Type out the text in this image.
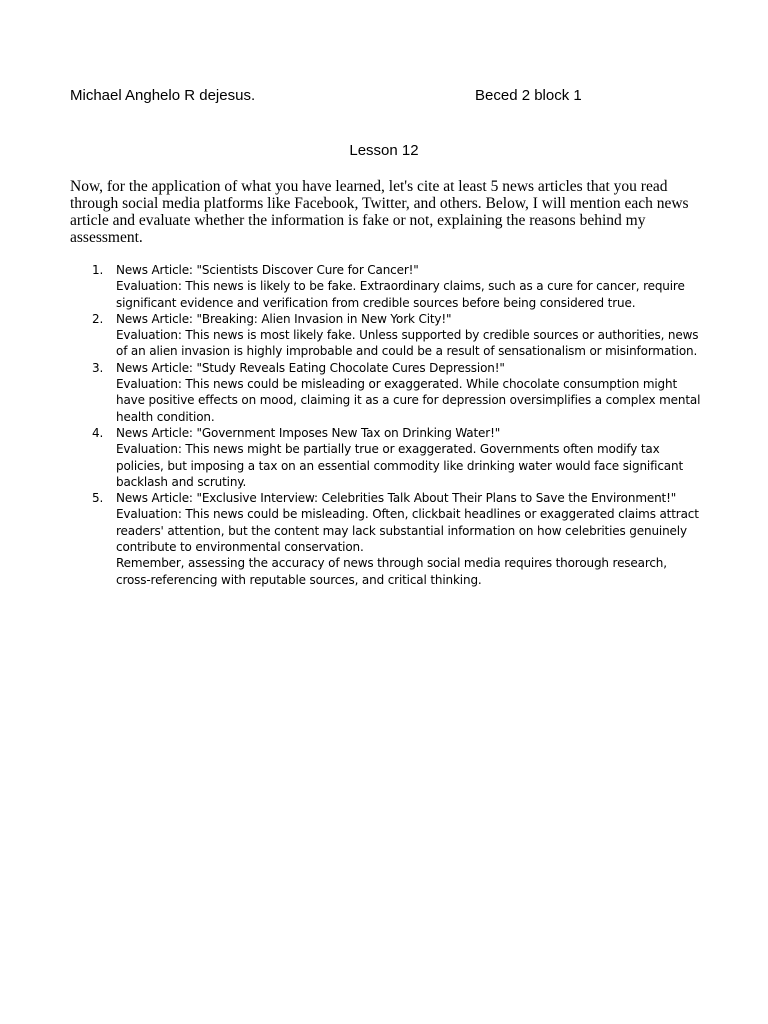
Michael Anghelo R dejesus.	Beced 2 block 1
Lesson 12

Now, for the application of what you have learned, let's cite at least 5 news articles that you read through social media platforms like Facebook, Twitter, and others. Below, I will mention each news article and evaluate whether the information is fake or not, explaining the reasons behind my assessment.

1. News Article: "Scientists Discover Cure for Cancer!"
Evaluation: This news is likely to be fake. Extraordinary claims, such as a cure for cancer, require significant evidence and verification from credible sources before being considered true.
2. News Article: "Breaking: Alien Invasion in New York City!"
Evaluation: This news is most likely fake. Unless supported by credible sources or authorities, news of an alien invasion is highly improbable and could be a result of sensationalism or misinformation.
3. News Article: "Study Reveals Eating Chocolate Cures Depression!"
Evaluation: This news could be misleading or exaggerated. While chocolate consumption might have positive effects on mood, claiming it as a cure for depression oversimplifies a complex mental health condition.
4. News Article: "Government Imposes New Tax on Drinking Water!"
Evaluation: This news might be partially true or exaggerated. Governments often modify tax policies, but imposing a tax on an essential commodity like drinking water would face significant backlash and scrutiny.
5. News Article: "Exclusive Interview: Celebrities Talk About Their Plans to Save the Environment!"
Evaluation: This news could be misleading. Often, clickbait headlines or exaggerated claims attract readers' attention, but the content may lack substantial information on how celebrities genuinely contribute to environmental conservation.
Remember, assessing the accuracy of news through social media requires thorough research, cross-referencing with reputable sources, and critical thinking.
